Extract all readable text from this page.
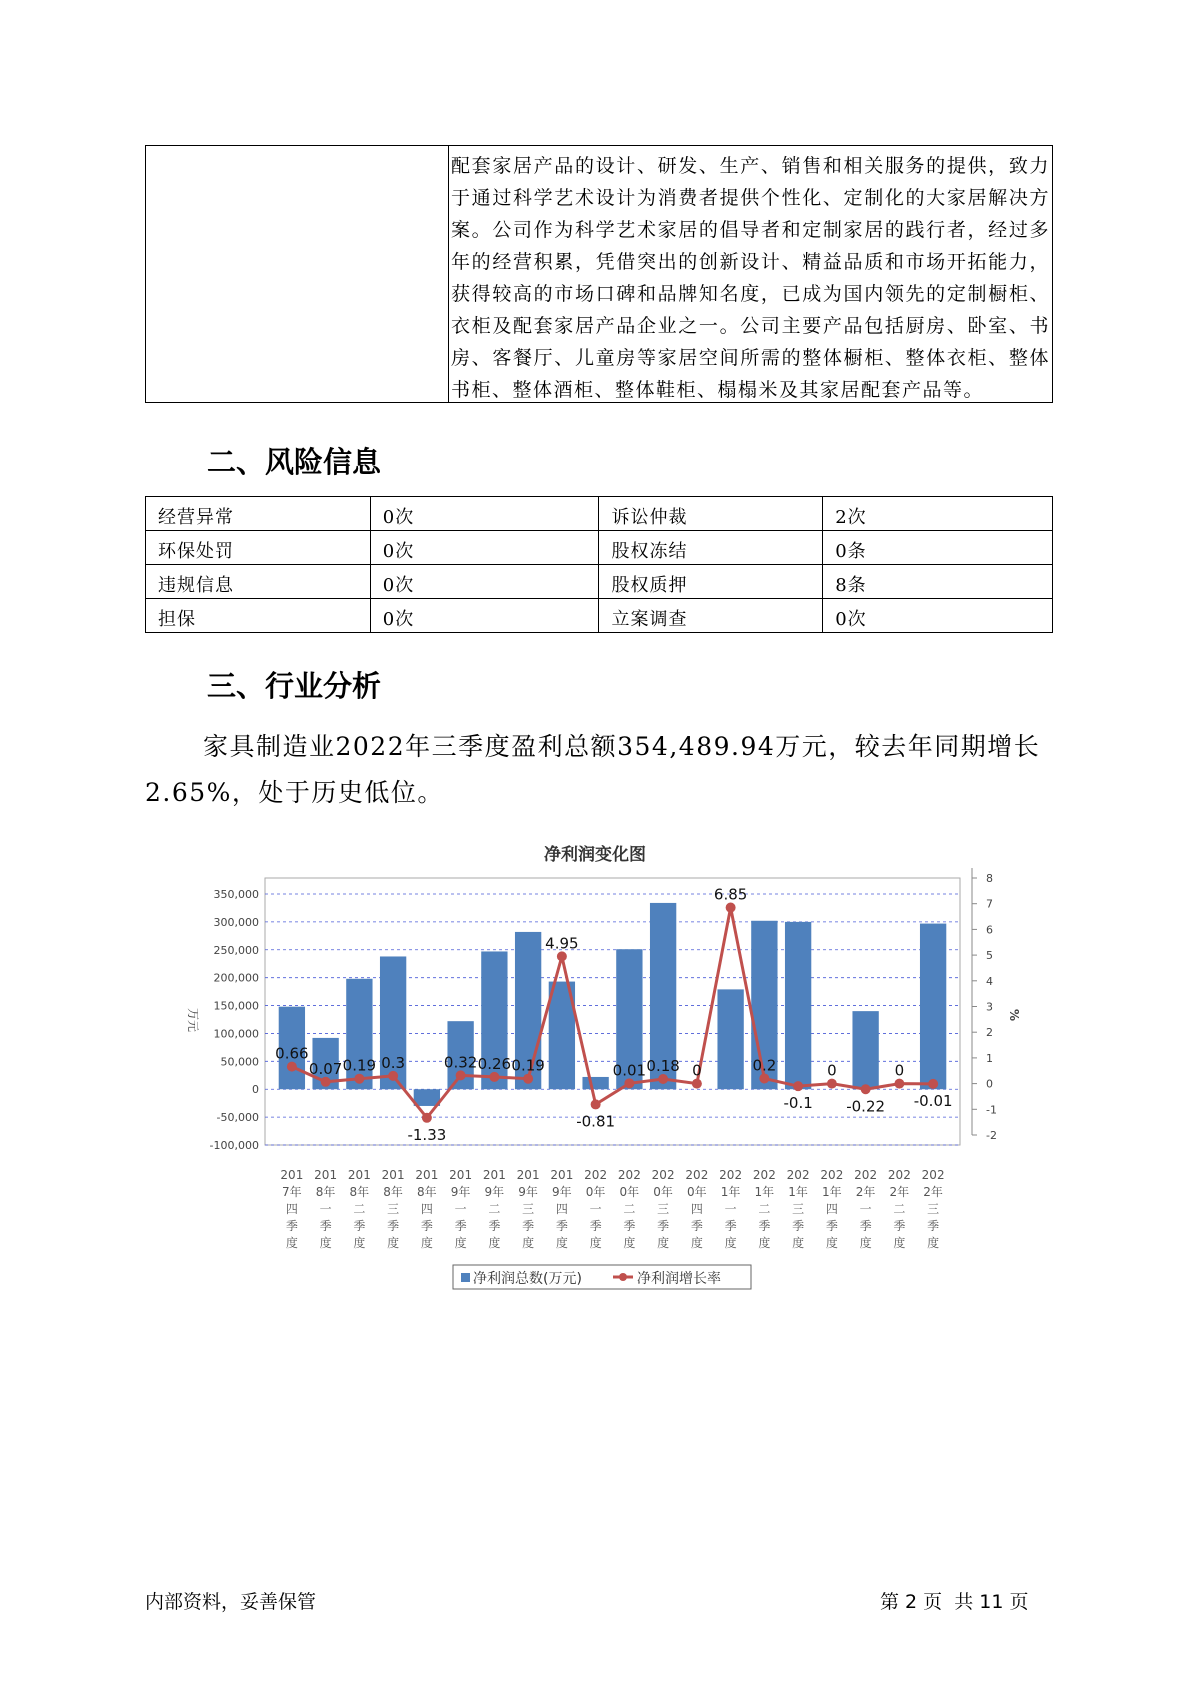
配套家居产品的设计、研发、生产、销售和相关服务的提供，致力于通过科学艺术设计为消费者提供个性化、定制化的大家居解决方案。公司作为科学艺术家居的倡导者和定制家居的践行者，经过多年的经营积累，凭借突出的创新设计、精益品质和市场开拓能力，获得较高的市场口碑和品牌知名度，已成为国内领先的定制橱柜、衣柜及配套家居产品企业之一。公司主要产品包括厨房、卧室、书房、客餐厅、儿童房等家居空间所需的整体橱柜、整体衣柜、整体书柜、整体酒柜、整体鞋柜、榻榻米及其家居配套产品等。
二、风险信息
经营异常	0次	诉讼仲裁	2次
环保处罚	0次	股权冻结	0条
违规信息	0次	股权质押	8条
担保	0次	立案调查	0次
三、行业分析
家具制造业2022年三季度盈利总额354,489.94万元，较去年同期增长2.65%，处于历史低位。
净利润变化图
350,000
300,000
250,000
200,000
150,000
100,000
50,000
0
-50,000
-100,000
万元
8
7
6
5
4
3
2
1
0
-1
-2
%
0.66
0.07 0.19 0.3
-1.33
0.32 0.26 0.19
4.95
-0.81
0.01 0.18 0
6.85
0.2
-0.1
0
-0.22
0
-0.01
201
7年
四
季
度
201
8年
一
季
度
201
8年
二
季
度
201
8年
三
季
度
201
8年
四
季
度
201
9年
一
季
度
201
9年
二
季
度
201
9年
三
季
度
201
9年
四
季
度
202
0年
一
季
度
202
0年
二
季
度
202
0年
三
季
度
202
0年
四
季
度
202
1年
一
季
度
202
1年
二
季
度
202
1年
三
季
度
202
1年
四
季
度
202
2年
一
季
度
202
2年
二
季
度
202
2年
三
季
度
净利润总数(万元)	净利润增长率
内部资料，妥善保管	第 2 页  共 11 页
